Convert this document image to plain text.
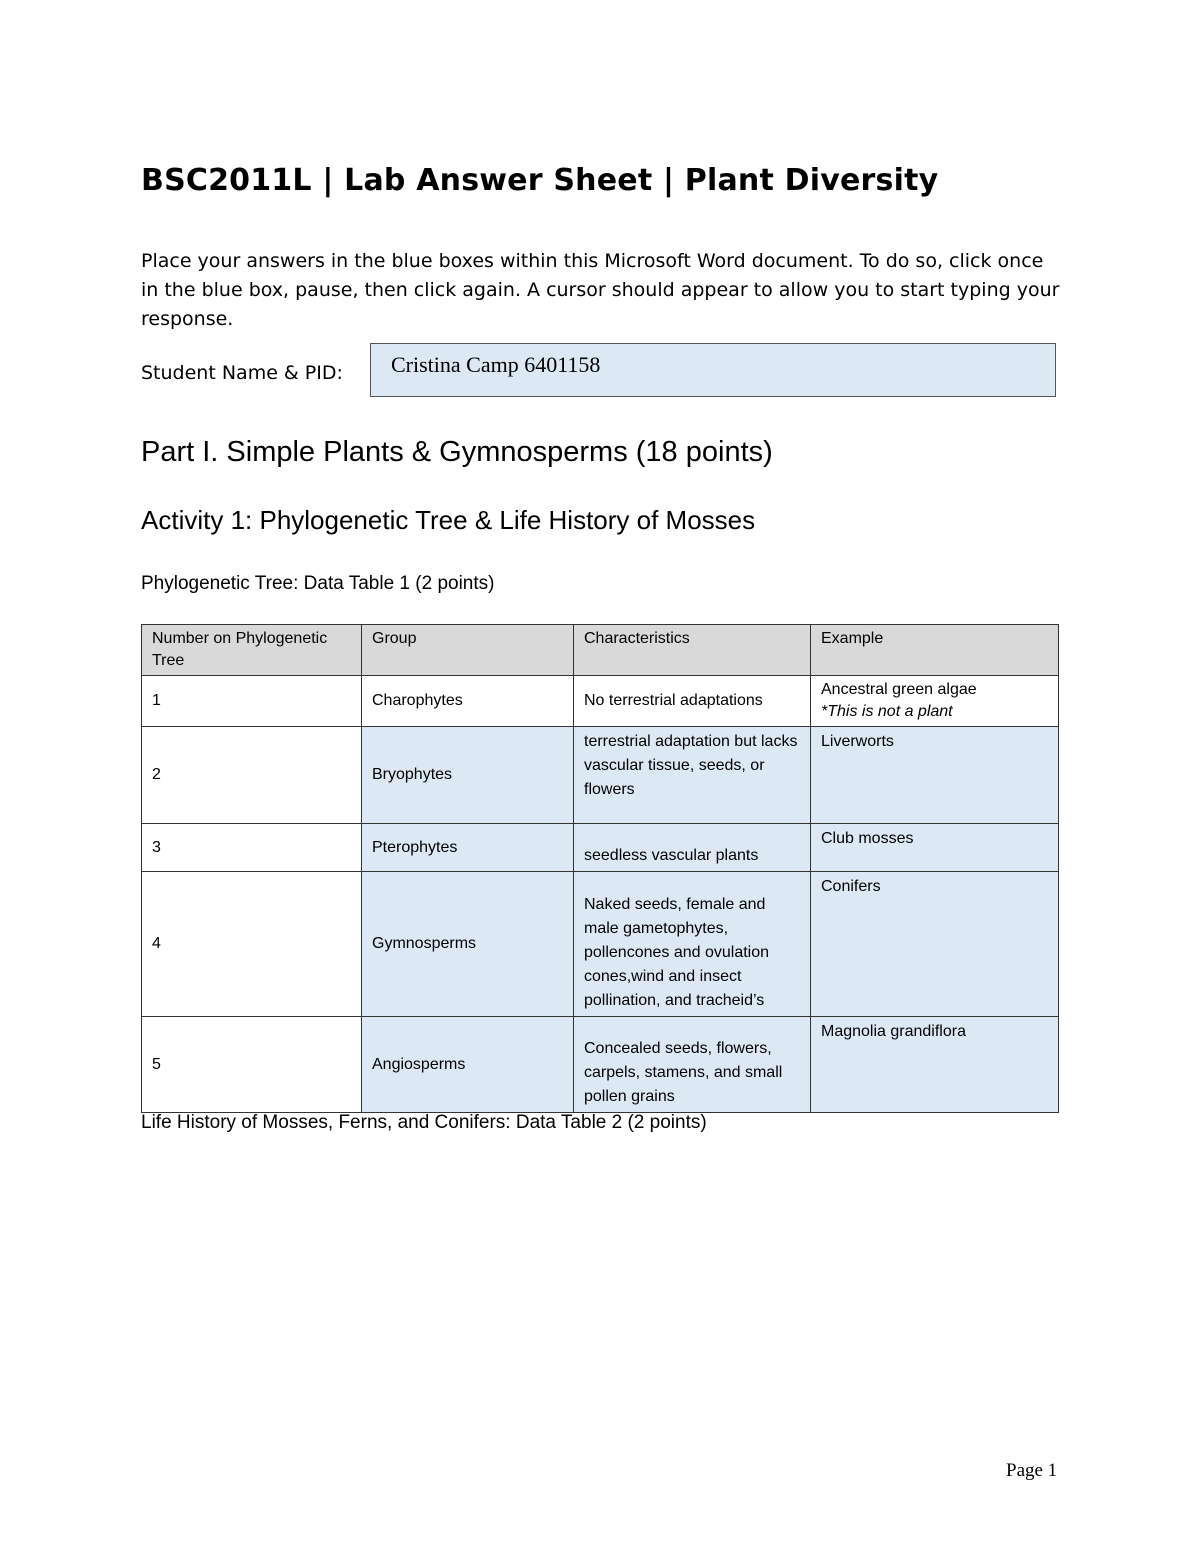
BSC2011L | Lab Answer Sheet | Plant Diversity
Place your answers in the blue boxes within this Microsoft Word document. To do so, click once in the blue box, pause, then click again. A cursor should appear to allow you to start typing your response.
Student Name & PID:	Cristina Camp 6401158
Part I. Simple Plants & Gymnosperms (18 points)
Activity 1: Phylogenetic Tree & Life History of Mosses
Phylogenetic Tree: Data Table 1 (2 points)
Number on Phylogenetic Tree	Group	Characteristics	Example
1	Charophytes	No terrestrial adaptations	Ancestral green algae
*This is not a plant

2	Bryophytes	terrestrial adaptation but lacks vascular tissue, seeds, or flowers	Liverworts
3	Pterophytes	seedless vascular plants	Club mosses
4	Gymnosperms	Naked seeds, female and male gametophytes, pollencones and ovulation cones,wind and insect pollination, and tracheid’s	Conifers
5	Angiosperms	Concealed seeds, flowers, carpels, stamens, and small pollen grains	Magnolia grandiflora
Life History of Mosses, Ferns, and Conifers: Data Table 2 (2 points)
Page 1
